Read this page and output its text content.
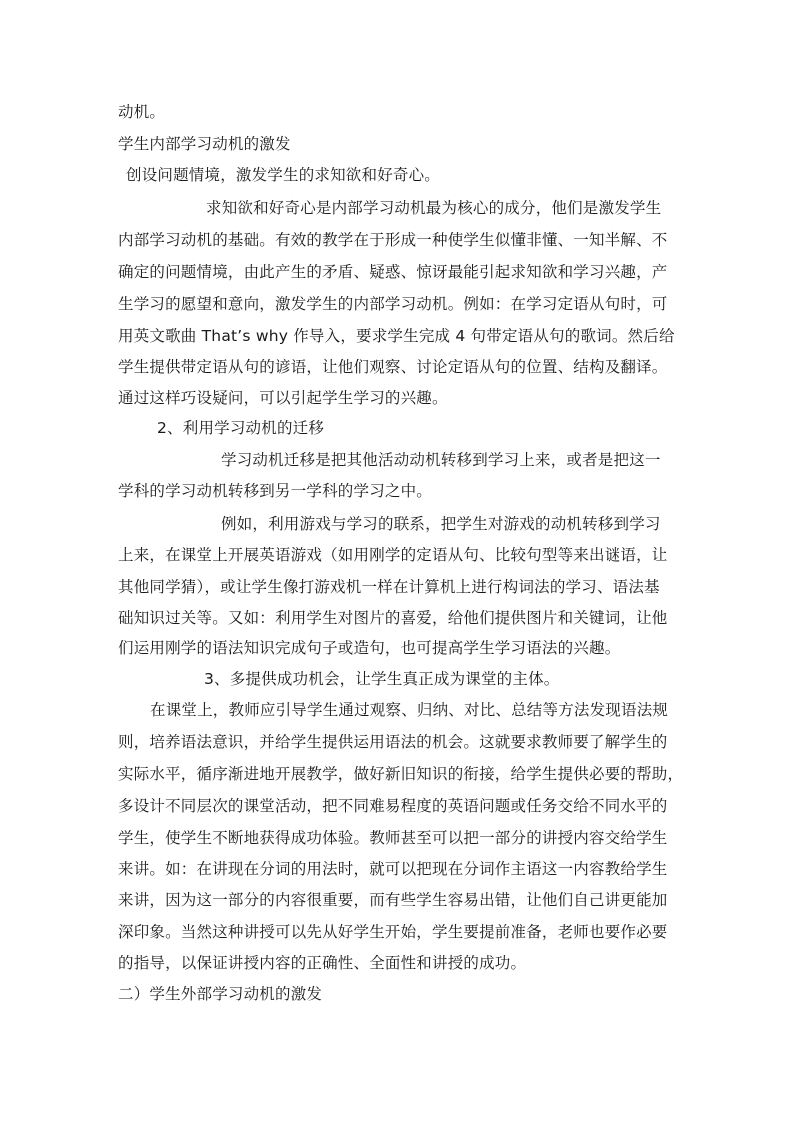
动机。
学生内部学习动机的激发
创设问题情境，激发学生的求知欲和好奇心。
求知欲和好奇心是内部学习动机最为核心的成分，他们是激发学生
内部学习动机的基础。有效的教学在于形成一种使学生似懂非懂、一知半解、不
确定的问题情境，由此产生的矛盾、疑惑、惊讶最能引起求知欲和学习兴趣，产
生学习的愿望和意向，激发学生的内部学习动机。例如：在学习定语从句时，可
用英文歌曲 That’s why 作导入，要求学生完成 4 句带定语从句的歌词。然后给
学生提供带定语从句的谚语，让他们观察、讨论定语从句的位置、结构及翻译。
通过这样巧设疑问，可以引起学生学习的兴趣。
2、利用学习动机的迁移
学习动机迁移是把其他活动动机转移到学习上来，或者是把这一
学科的学习动机转移到另一学科的学习之中。
例如，利用游戏与学习的联系，把学生对游戏的动机转移到学习
上来，在课堂上开展英语游戏（如用刚学的定语从句、比较句型等来出谜语，让
其他同学猜），或让学生像打游戏机一样在计算机上进行构词法的学习、语法基
础知识过关等。又如：利用学生对图片的喜爱，给他们提供图片和关键词，让他
们运用刚学的语法知识完成句子或造句，也可提高学生学习语法的兴趣。
3、多提供成功机会，让学生真正成为课堂的主体。
在课堂上，教师应引导学生通过观察、归纳、对比、总结等方法发现语法规
则，培养语法意识，并给学生提供运用语法的机会。这就要求教师要了解学生的
实际水平，循序渐进地开展教学，做好新旧知识的衔接，给学生提供必要的帮助，
多设计不同层次的课堂活动，把不同难易程度的英语问题或任务交给不同水平的
学生，使学生不断地获得成功体验。教师甚至可以把一部分的讲授内容交给学生
来讲。如：在讲现在分词的用法时，就可以把现在分词作主语这一内容教给学生
来讲，因为这一部分的内容很重要，而有些学生容易出错，让他们自己讲更能加
深印象。当然这种讲授可以先从好学生开始，学生要提前准备，老师也要作必要
的指导，以保证讲授内容的正确性、全面性和讲授的成功。
二）学生外部学习动机的激发
